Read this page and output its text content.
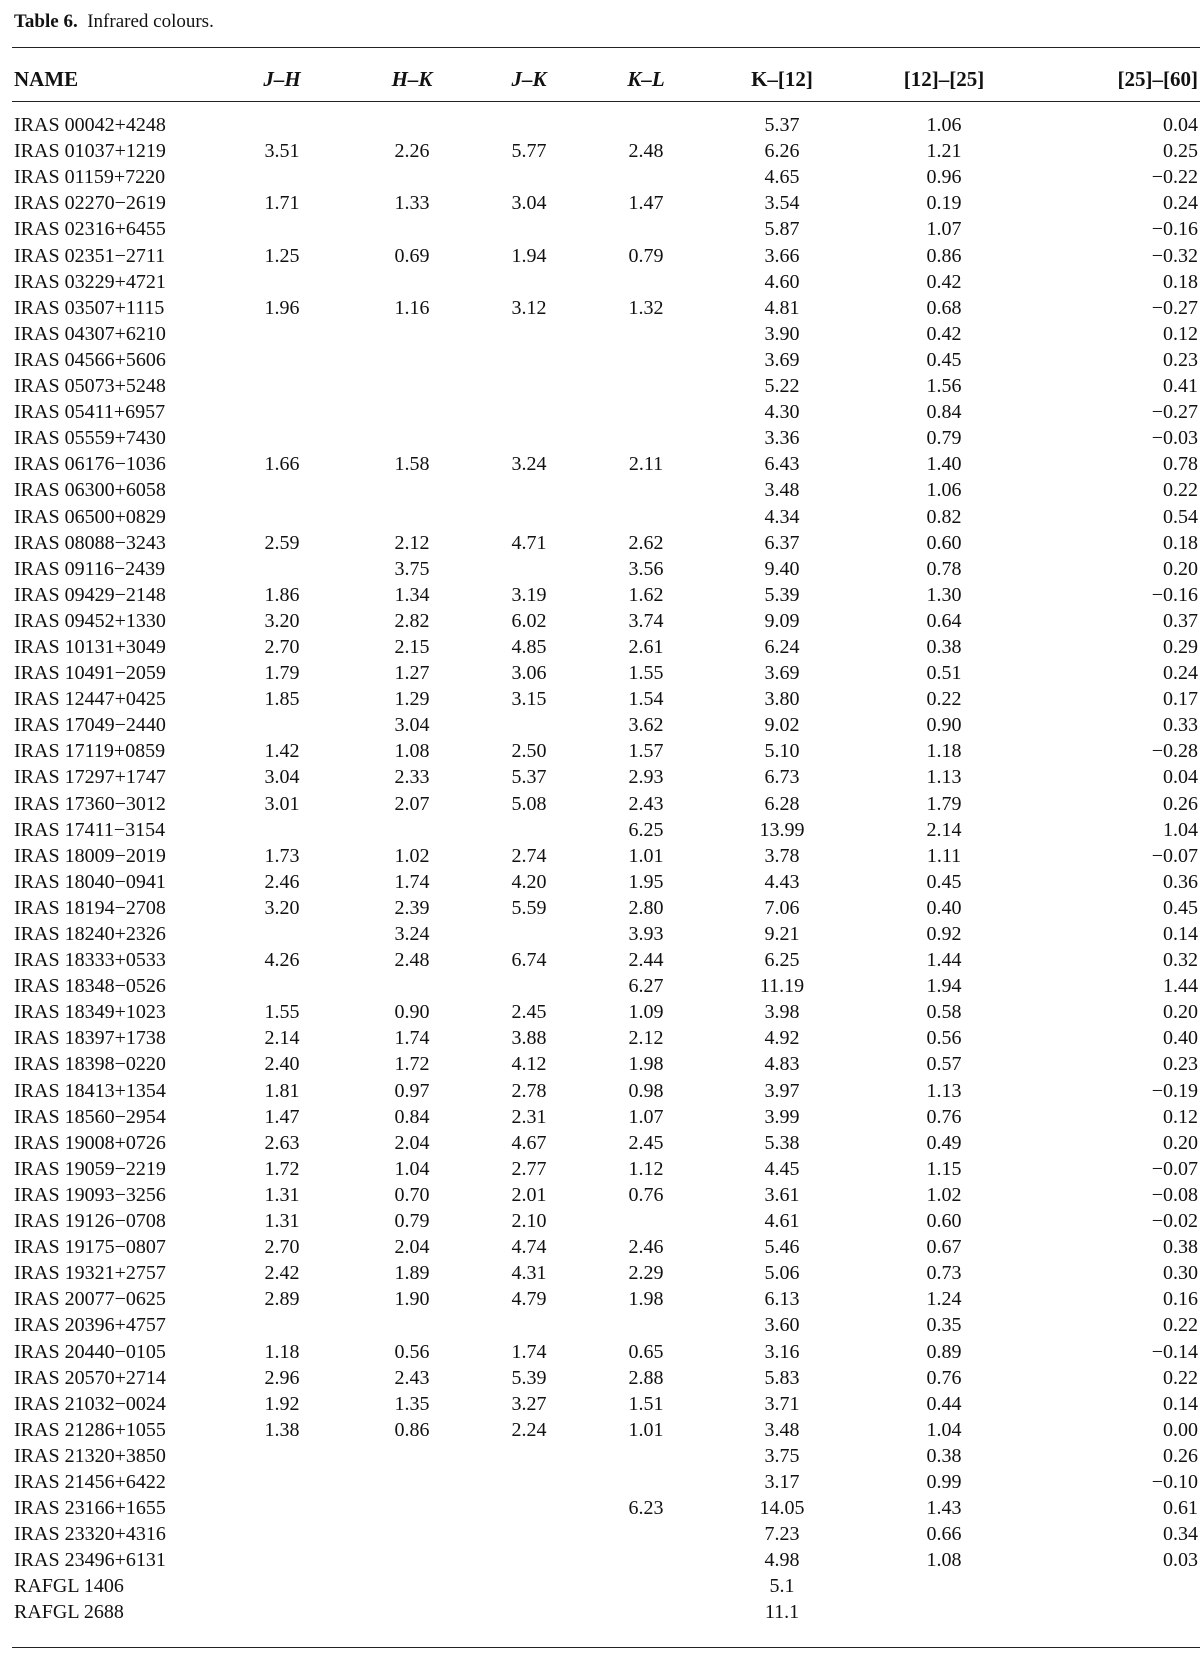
Table 6. Infrared colours.
NAME	J–H	H–K	J–K	K–L	K–[12]	[12]–[25]	[25]–[60]
IRAS 00042+4248					5.37	1.06	0.04
IRAS 01037+1219	3.51	2.26	5.77	2.48	6.26	1.21	0.25
IRAS 01159+7220					4.65	0.96	−0.22
IRAS 02270−2619	1.71	1.33	3.04	1.47	3.54	0.19	0.24
IRAS 02316+6455					5.87	1.07	−0.16
IRAS 02351−2711	1.25	0.69	1.94	0.79	3.66	0.86	−0.32
IRAS 03229+4721					4.60	0.42	0.18
IRAS 03507+1115	1.96	1.16	3.12	1.32	4.81	0.68	−0.27
IRAS 04307+6210					3.90	0.42	0.12
IRAS 04566+5606					3.69	0.45	0.23
IRAS 05073+5248					5.22	1.56	0.41
IRAS 05411+6957					4.30	0.84	−0.27
IRAS 05559+7430					3.36	0.79	−0.03
IRAS 06176−1036	1.66	1.58	3.24	2.11	6.43	1.40	0.78
IRAS 06300+6058					3.48	1.06	0.22
IRAS 06500+0829					4.34	0.82	0.54
IRAS 08088−3243	2.59	2.12	4.71	2.62	6.37	0.60	0.18
IRAS 09116−2439		3.75		3.56	9.40	0.78	0.20
IRAS 09429−2148	1.86	1.34	3.19	1.62	5.39	1.30	−0.16
IRAS 09452+1330	3.20	2.82	6.02	3.74	9.09	0.64	0.37
IRAS 10131+3049	2.70	2.15	4.85	2.61	6.24	0.38	0.29
IRAS 10491−2059	1.79	1.27	3.06	1.55	3.69	0.51	0.24
IRAS 12447+0425	1.85	1.29	3.15	1.54	3.80	0.22	0.17
IRAS 17049−2440		3.04		3.62	9.02	0.90	0.33
IRAS 17119+0859	1.42	1.08	2.50	1.57	5.10	1.18	−0.28
IRAS 17297+1747	3.04	2.33	5.37	2.93	6.73	1.13	0.04
IRAS 17360−3012	3.01	2.07	5.08	2.43	6.28	1.79	0.26
IRAS 17411−3154				6.25	13.99	2.14	1.04
IRAS 18009−2019	1.73	1.02	2.74	1.01	3.78	1.11	−0.07
IRAS 18040−0941	2.46	1.74	4.20	1.95	4.43	0.45	0.36
IRAS 18194−2708	3.20	2.39	5.59	2.80	7.06	0.40	0.45
IRAS 18240+2326		3.24		3.93	9.21	0.92	0.14
IRAS 18333+0533	4.26	2.48	6.74	2.44	6.25	1.44	0.32
IRAS 18348−0526				6.27	11.19	1.94	1.44
IRAS 18349+1023	1.55	0.90	2.45	1.09	3.98	0.58	0.20
IRAS 18397+1738	2.14	1.74	3.88	2.12	4.92	0.56	0.40
IRAS 18398−0220	2.40	1.72	4.12	1.98	4.83	0.57	0.23
IRAS 18413+1354	1.81	0.97	2.78	0.98	3.97	1.13	−0.19
IRAS 18560−2954	1.47	0.84	2.31	1.07	3.99	0.76	0.12
IRAS 19008+0726	2.63	2.04	4.67	2.45	5.38	0.49	0.20
IRAS 19059−2219	1.72	1.04	2.77	1.12	4.45	1.15	−0.07
IRAS 19093−3256	1.31	0.70	2.01	0.76	3.61	1.02	−0.08
IRAS 19126−0708	1.31	0.79	2.10		4.61	0.60	−0.02
IRAS 19175−0807	2.70	2.04	4.74	2.46	5.46	0.67	0.38
IRAS 19321+2757	2.42	1.89	4.31	2.29	5.06	0.73	0.30
IRAS 20077−0625	2.89	1.90	4.79	1.98	6.13	1.24	0.16
IRAS 20396+4757					3.60	0.35	0.22
IRAS 20440−0105	1.18	0.56	1.74	0.65	3.16	0.89	−0.14
IRAS 20570+2714	2.96	2.43	5.39	2.88	5.83	0.76	0.22
IRAS 21032−0024	1.92	1.35	3.27	1.51	3.71	0.44	0.14
IRAS 21286+1055	1.38	0.86	2.24	1.01	3.48	1.04	0.00
IRAS 21320+3850					3.75	0.38	0.26
IRAS 21456+6422					3.17	0.99	−0.10
IRAS 23166+1655				6.23	14.05	1.43	0.61
IRAS 23320+4316					7.23	0.66	0.34
IRAS 23496+6131					4.98	1.08	0.03
RAFGL 1406					5.1		
RAFGL 2688					11.1		
